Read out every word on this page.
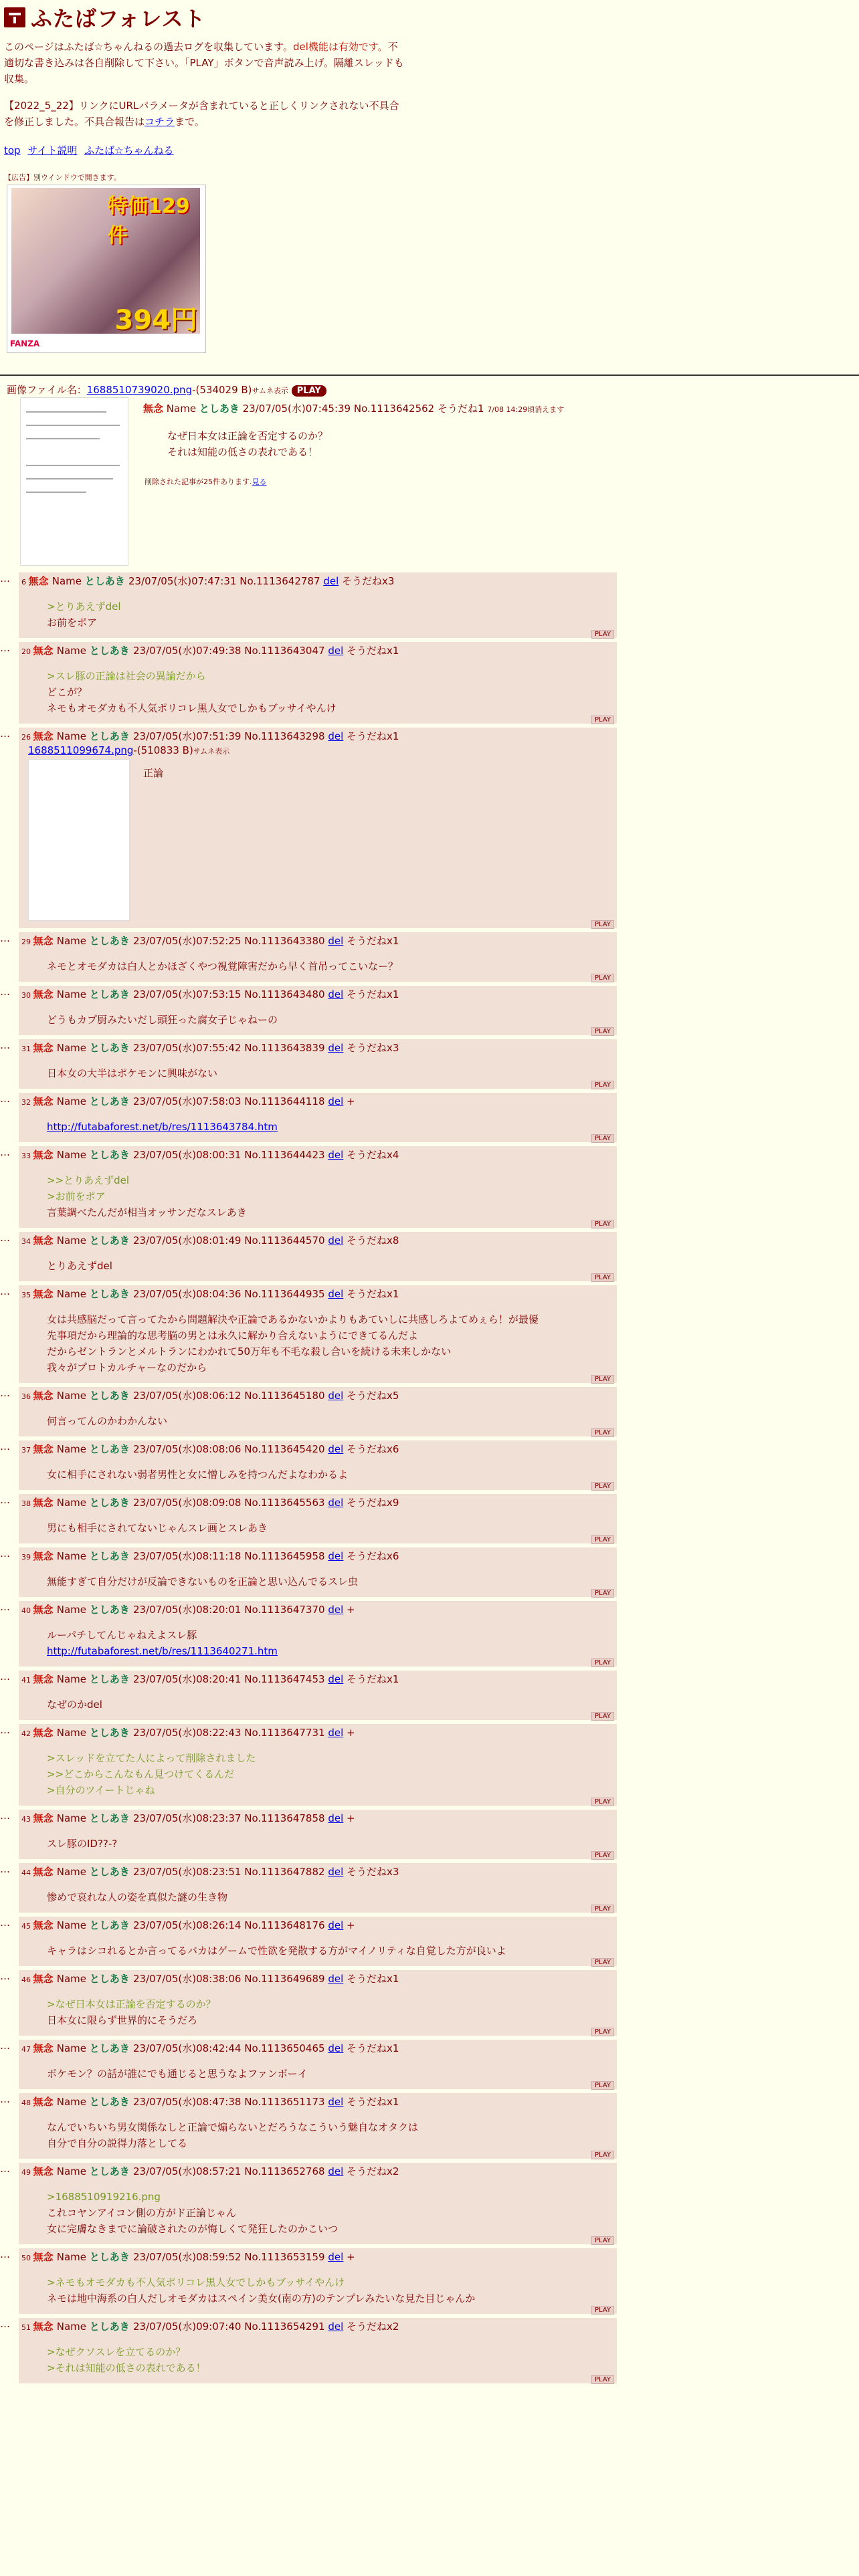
ふたばフォレスト
このページはふたば☆ちゃんねるの過去ログを収集しています。del機能は有効です。不適切な書き込みは各自削除して下さい。「PLAY」ボタンで音声読み上げ。隔離スレッドも収集。
【2022_5_22】リンクにURLパラメータが含まれていると正しくリンクされない不具合を修正しました。不具合報告はコチラまで。
top サイト説明 ふたば☆ちゃんねる
【広告】別ウインドウで開きます。
特価129件
394円
FANZA
画像ファイル名：1688510739020.png-(534029 B)サムネ表示 PLAY
無念 Name としあき 23/07/05(水)07:45:39 No.1113642562 そうだね1 7/08 14:29頃消えます
なぜ日本女は正論を否定するのか？
それは知能の低さの表れである！
削除された記事が25件あります.見る
…	6 無念 Name としあき 23/07/05(水)07:47:31 No.1113642787 del そうだねx3
>とりあえずdel
お前をポア
PLAY
…	20 無念 Name としあき 23/07/05(水)07:49:38 No.1113643047 del そうだねx1
>スレ豚の正論は社会の異論だから
どこが？
ネモもオモダカも不人気ポリコレ黒人女でしかもブッサイやんけ
PLAY
…	26 無念 Name としあき 23/07/05(水)07:51:39 No.1113643298 del そうだねx1
1688511099674.png-(510833 B)サムネ表示
正論
PLAY
…	29 無念 Name としあき 23/07/05(水)07:52:25 No.1113643380 del そうだねx1
ネモとオモダカは白人とかほざくやつ視覚障害だから早く首吊ってこいなー？
PLAY
…	30 無念 Name としあき 23/07/05(水)07:53:15 No.1113643480 del そうだねx1
どうもカプ厨みたいだし頭狂った腐女子じゃねーの
PLAY
…	31 無念 Name としあき 23/07/05(水)07:55:42 No.1113643839 del そうだねx3
日本女の大半はポケモンに興味がない
PLAY
…	32 無念 Name としあき 23/07/05(水)07:58:03 No.1113644118 del +
http://futabaforest.net/b/res/1113643784.htm
PLAY
…	33 無念 Name としあき 23/07/05(水)08:00:31 No.1113644423 del そうだねx4
>>とりあえずdel
>お前をポア
言葉調べたんだが相当オッサンだなスレあき
PLAY
…	34 無念 Name としあき 23/07/05(水)08:01:49 No.1113644570 del そうだねx8
とりあえずdel
PLAY
…	35 無念 Name としあき 23/07/05(水)08:04:36 No.1113644935 del そうだねx1
女は共感脳だって言ってたから問題解決や正論であるかないかよりもあていしに共感しろよてめぇら！が最優
先事項だから理論的な思考脳の男とは永久に解かり合えないようにできてるんだよ
だからゼントランとメルトランにわかれて50万年も不毛な殺し合いを続ける未来しかない
我々がプロトカルチャーなのだから
PLAY
…	36 無念 Name としあき 23/07/05(水)08:06:12 No.1113645180 del そうだねx5
何言ってんのかわかんない
PLAY
…	37 無念 Name としあき 23/07/05(水)08:08:06 No.1113645420 del そうだねx6
女に相手にされない弱者男性と女に憎しみを持つんだよなわかるよ
PLAY
…	38 無念 Name としあき 23/07/05(水)08:09:08 No.1113645563 del そうだねx9
男にも相手にされてないじゃんスレ画とスレあき
PLAY
…	39 無念 Name としあき 23/07/05(水)08:11:18 No.1113645958 del そうだねx6
無能すぎて自分だけが反論できないものを正論と思い込んでるスレ虫
PLAY
…	40 無念 Name としあき 23/07/05(水)08:20:01 No.1113647370 del +
ルーパチしてんじゃねえよスレ豚
http://futabaforest.net/b/res/1113640271.htm
PLAY
…	41 無念 Name としあき 23/07/05(水)08:20:41 No.1113647453 del そうだねx1
なぜのかdel
PLAY
…	42 無念 Name としあき 23/07/05(水)08:22:43 No.1113647731 del +
>スレッドを立てた人によって削除されました
>>どこからこんなもん見つけてくるんだ
>自分のツイートじゃね
PLAY
…	43 無念 Name としあき 23/07/05(水)08:23:37 No.1113647858 del +
スレ豚のID??-?
PLAY
…	44 無念 Name としあき 23/07/05(水)08:23:51 No.1113647882 del そうだねx3
惨めで哀れな人の姿を真似た謎の生き物
PLAY
…	45 無念 Name としあき 23/07/05(水)08:26:14 No.1113648176 del +
キャラはシコれるとか言ってるバカはゲームで性欲を発散する方がマイノリティな自覚した方が良いよ
PLAY
…	46 無念 Name としあき 23/07/05(水)08:38:06 No.1113649689 del そうだねx1
>なぜ日本女は正論を否定するのか？
日本女に限らず世界的にそうだろ
PLAY
…	47 無念 Name としあき 23/07/05(水)08:42:44 No.1113650465 del そうだねx1
ポケモン？の話が誰にでも通じると思うなよファンボーイ
PLAY
…	48 無念 Name としあき 23/07/05(水)08:47:38 No.1113651173 del そうだねx1
なんでいちいち男女関係なしと正論で煽らないとだろうなこういう魅自なオタクは
自分で自分の説得力落としてる
PLAY
…	49 無念 Name としあき 23/07/05(水)08:57:21 No.1113652768 del そうだねx2
>1688510919216.png
これコヤンアイコン側の方がド正論じゃん
女に完膚なきまでに論破されたのが悔しくて発狂したのかこいつ
PLAY
…	50 無念 Name としあき 23/07/05(水)08:59:52 No.1113653159 del +
>ネモもオモダカも不人気ポリコレ黒人女でしかもブッサイやんけ
ネモは地中海系の白人だしオモダカはスペイン美女(南の方)のテンプレみたいな見た目じゃんか
PLAY
…	51 無念 Name としあき 23/07/05(水)09:07:40 No.1113654291 del そうだねx2
>なぜクソスレを立てるのか？
>それは知能の低さの表れである！
PLAY
